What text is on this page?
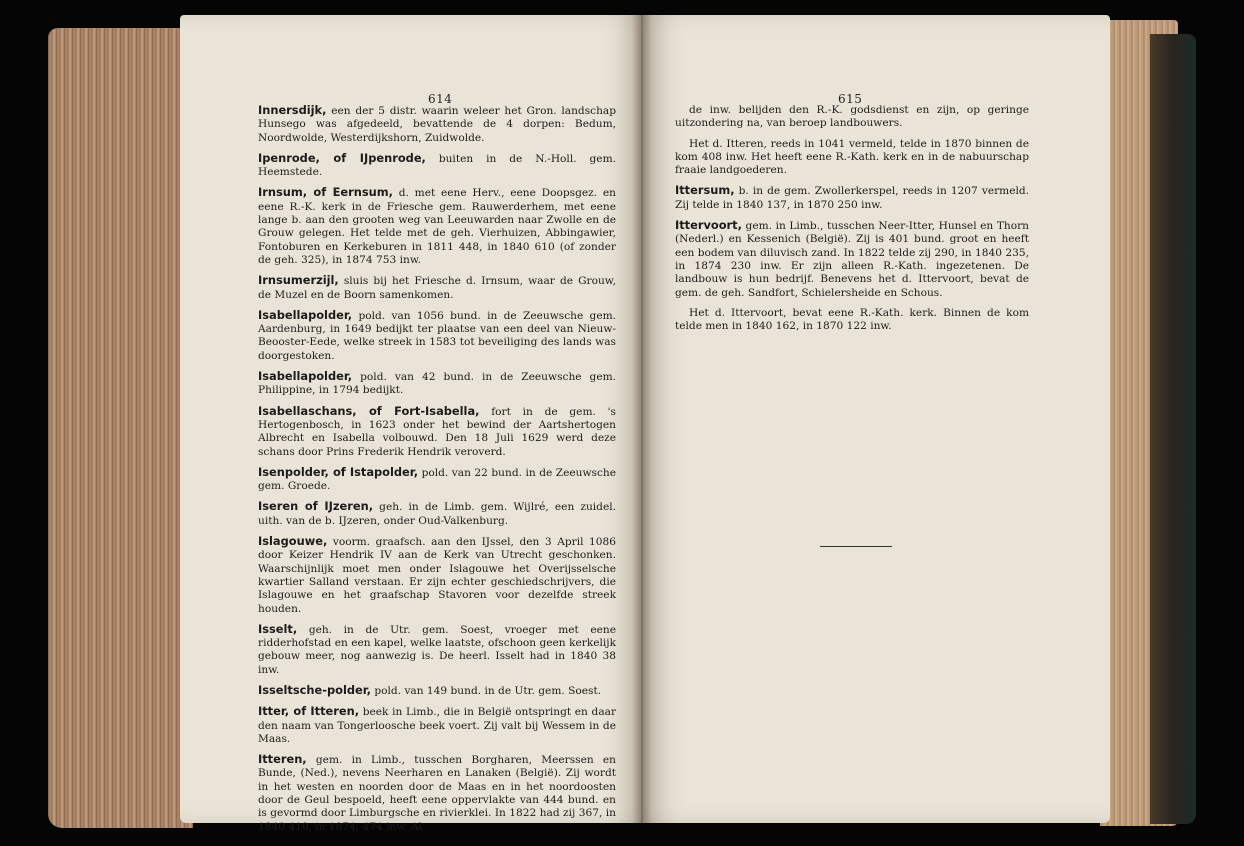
614

Innersdijk, een der 5 distr. waarin weleer het Gron. landschap Hunsego was afgedeeld, bevattende de 4 dorpen: Bedum, Noordwolde, Westerdijkshorn, Zuidwolde.

Ipenrode, of IJpenrode, buiten in de N.-Holl. gem. Heemstede.

Irnsum, of Eernsum, d. met eene Herv., eene Doopsgez. en eene R.-K. kerk in de Friesche gem. Rauwerderhem, met eene lange b. aan den grooten weg van Leeuwarden naar Zwolle en de Grouw gelegen. Het telde met de geh. Vierhuizen, Abbingawier, Fontoburen en Kerkeburen in 1811 448, in 1840 610 (of zonder de geh. 325), in 1874 753 inw.

Irnsumerzijl, sluis bij het Friesche d. Irnsum, waar de Grouw, de Muzel en de Boorn samenkomen.

Isabellapolder, pold. van 1056 bund. in de Zeeuwsche gem. Aardenburg, in 1649 bedijkt ter plaatse van een deel van Nieuw-Beooster-Eede, welke streek in 1583 tot beveiliging des lands was doorgestoken.

Isabellapolder, pold. van 42 bund. in de Zeeuwsche gem. Philippine, in 1794 bedijkt.

Isabellaschans, of Fort-Isabella, fort in de gem. 's Hertogenbosch, in 1623 onder het bewind der Aartshertogen Albrecht en Isabella volbouwd. Den 18 Juli 1629 werd deze schans door Prins Frederik Hendrik veroverd.

Isenpolder, of Istapolder, pold. van 22 bund. in de Zeeuwsche gem. Groede.

Iseren of IJzeren, geh. in de Limb. gem. Wijlré, een zuidel. uith. van de b. IJzeren, onder Oud-Valkenburg.

Islagouwe, voorm. graafsch. aan den IJssel, den 3 April 1086 door Keizer Hendrik IV aan de Kerk van Utrecht geschonken. Waarschijnlijk moet men onder Islagouwe het Overijsselsche kwartier Salland verstaan. Er zijn echter geschiedschrijvers, die Islagouwe en het graafschap Stavoren voor dezelfde streek houden.

Isselt, geh. in de Utr. gem. Soest, vroeger met eene ridderhofstad en een kapel, welke laatste, ofschoon geen kerkelijk gebouw meer, nog aanwezig is. De heerl. Isselt had in 1840 38 inw.

Isseltsche-polder, pold. van 149 bund. in de Utr. gem. Soest.

Itter, of Itteren, beek in Limb., die in België ontspringt en daar den naam van Tongerloosche beek voert. Zij valt bij Wessem in de Maas.

Itteren, gem. in Limb., tusschen Borgharen, Meerssen en Bunde, (Ned.), nevens Neerharen en Lanaken (België). Zij wordt in het westen en noorden door de Maas en in het noordoosten door de Geul bespoeld, heeft eene oppervlakte van 444 bund. en is gevormd door Limburgsche en rivierklei. In 1822 had zij 367, in 1840 410, in 1874, 474 inw. Al

615

de inw. belijden den R.-K. godsdienst en zijn, op geringe uitzondering na, van beroep landbouwers.

Het d. Itteren, reeds in 1041 vermeld, telde in 1870 binnen de kom 408 inw. Het heeft eene R.-Kath. kerk en in de nabuurschap fraaie landgoederen.

Ittersum, b. in de gem. Zwollerkerspel, reeds in 1207 vermeld. Zij telde in 1840 137, in 1870 250 inw.

Ittervoort, gem. in Limb., tusschen Neer-Itter, Hunsel en Thorn (Nederl.) en Kessenich (België). Zij is 401 bund. groot en heeft een bodem van diluvisch zand. In 1822 telde zij 290, in 1840 235, in 1874 230 inw. Er zijn alleen R.-Kath. ingezetenen. De landbouw is hun bedrijf. Benevens het d. Ittervoort, bevat de gem. de geh. Sandfort, Schielersheide en Schous.

Het d. Ittervoort, bevat eene R.-Kath. kerk. Binnen de kom telde men in 1840 162, in 1870 122 inw.
